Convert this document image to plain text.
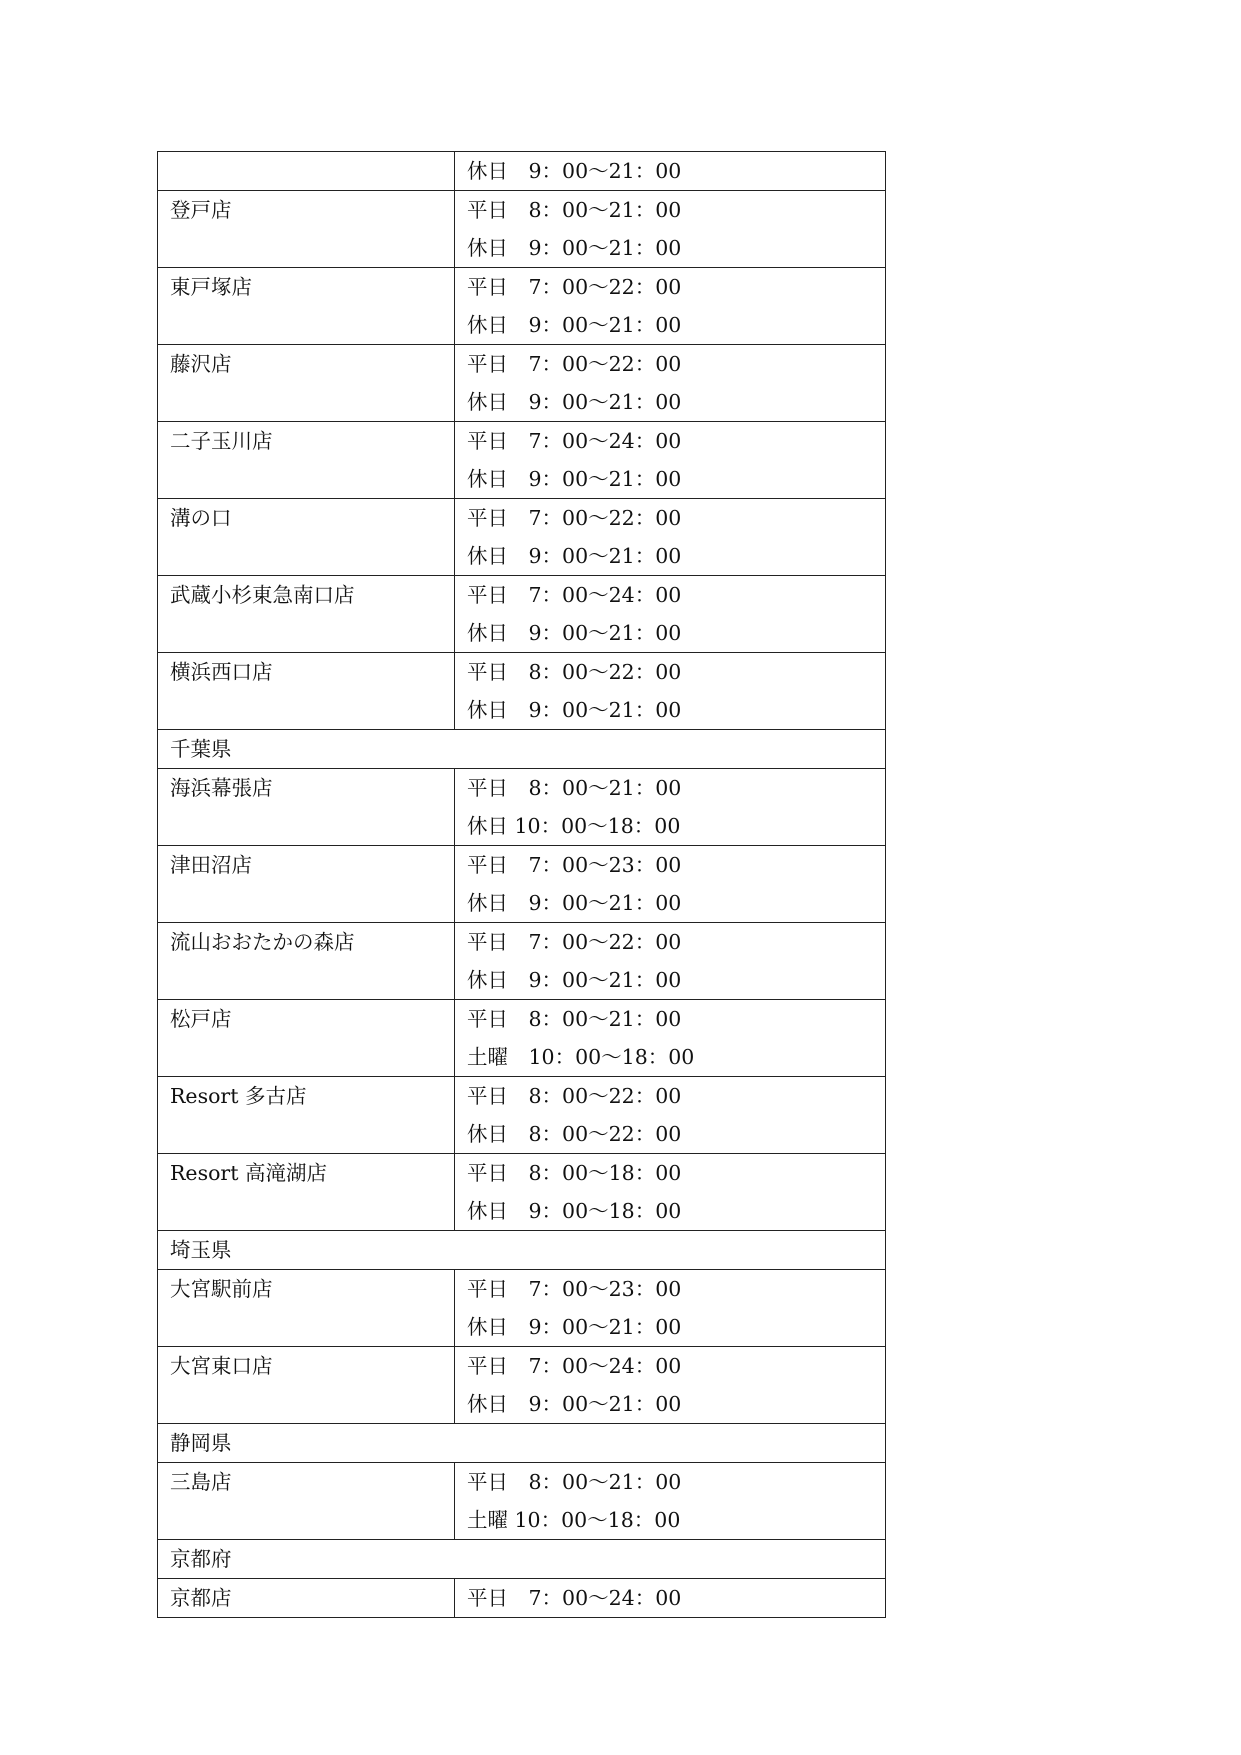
	休日　9：00〜21：00

登戸店	平日　8：00〜21：00
休日　9：00〜21：00

東戸塚店	平日　7：00〜22：00
休日　9：00〜21：00

藤沢店	平日　7：00〜22：00
休日　9：00〜21：00

二子玉川店	平日　7：00〜24：00
休日　9：00〜21：00

溝の口	平日　7：00〜22：00
休日　9：00〜21：00

武蔵小杉東急南口店	平日　7：00〜24：00
休日　9：00〜21：00

横浜西口店	平日　8：00〜22：00
休日　9：00〜21：00

千葉県	
海浜幕張店	平日　8：00〜21：00
休日 10：00〜18：00

津田沼店	平日　7：00〜23：00
休日　9：00〜21：00

流山おおたかの森店	平日　7：00〜22：00
休日　9：00〜21：00

松戸店	平日　8：00〜21：00
土曜　10：00〜18：00

Resort 多古店	平日　8：00〜22：00
休日　8：00〜22：00

Resort 高滝湖店	平日　8：00〜18：00
休日　9：00〜18：00

埼玉県	
大宮駅前店	平日　7：00〜23：00
休日　9：00〜21：00

大宮東口店	平日　7：00〜24：00
休日　9：00〜21：00

静岡県	
三島店	平日　8：00〜21：00
土曜 10：00〜18：00

京都府	
京都店	平日　7：00〜24：00
